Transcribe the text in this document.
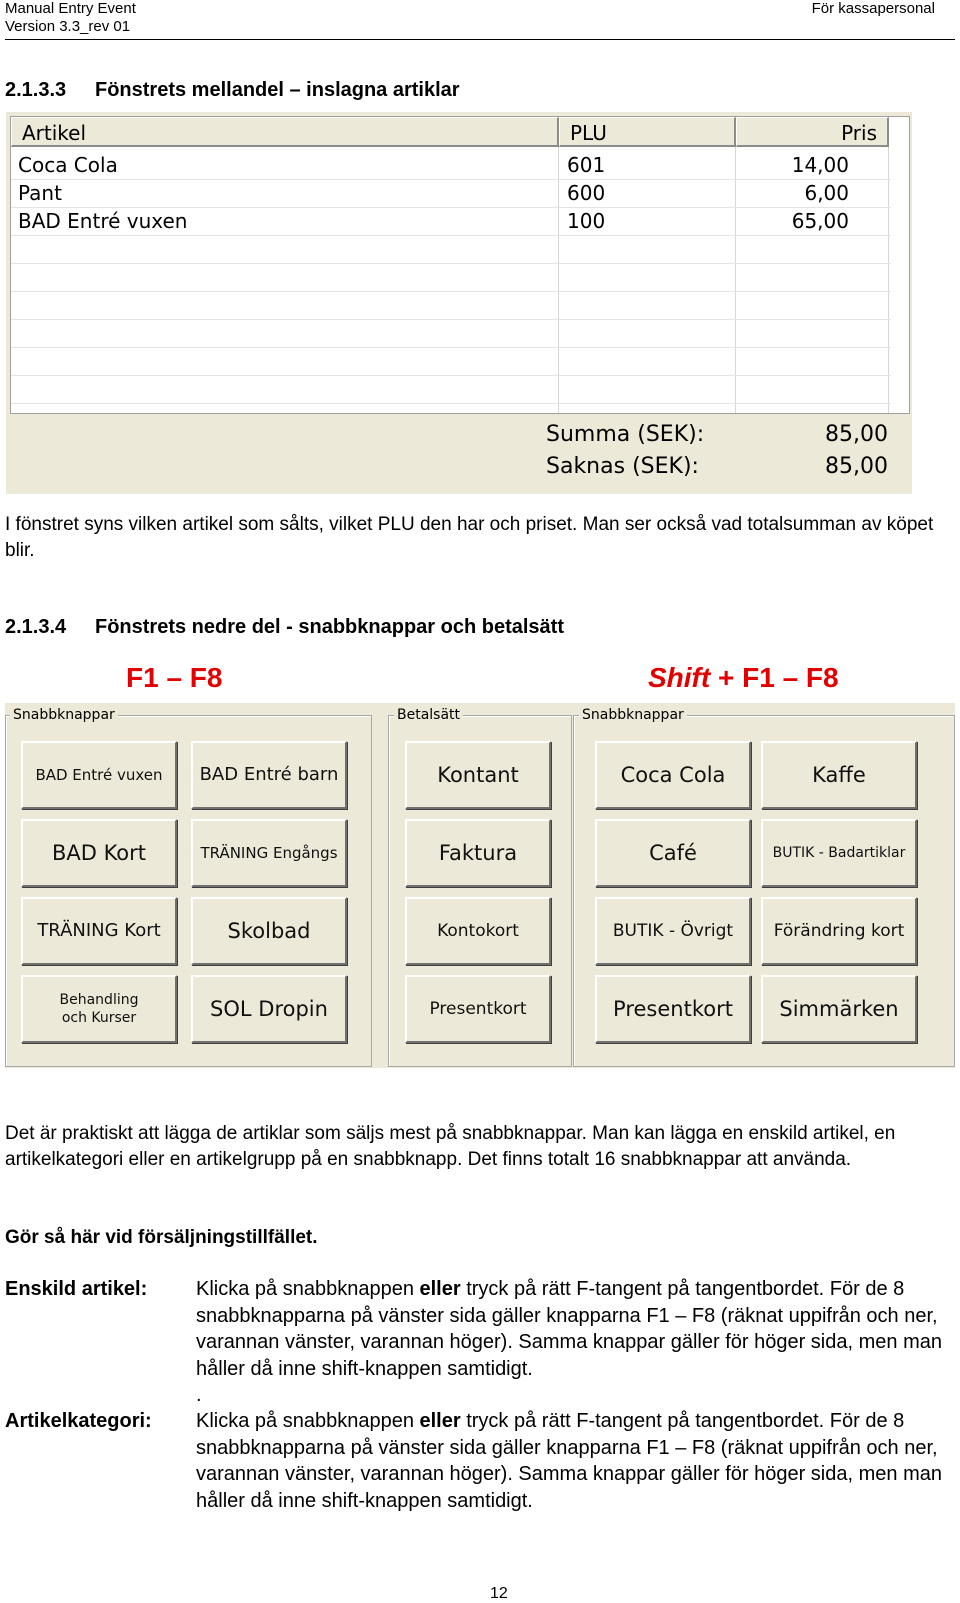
Manual Entry Event
Version 3.3_rev 01
För kassapersonal
2.1.3.3 Fönstrets mellandel – inslagna artiklar
Artikel	PLU	Pris
Coca Cola	601	14,00
Pant	600	6,00
BAD Entré vuxen	100	65,00
Summa (SEK):	85,00
Saknas (SEK):	85,00
I fönstret syns vilken artikel som sålts, vilket PLU den har och priset. Man ser också vad totalsumman av köpet blir.
2.1.3.4 Fönstrets nedre del - snabbknappar och betalsätt
F1 – F8	Shift + F1 – F8
Snabbknappar
BAD Entré vuxen	BAD Entré barn
BAD Kort	TRÄNING Engångs
TRÄNING Kort	Skolbad
Behandling och Kurser	SOL Dropin
Betalsätt
Kontant
Faktura
Kontokort
Presentkort
Snabbknappar
Coca Cola	Kaffe
Café	BUTIK - Badartiklar
BUTIK - Övrigt	Förändring kort
Presentkort	Simmärken
Det är praktiskt att lägga de artiklar som säljs mest på snabbknappar. Man kan lägga en enskild artikel, en artikelkategori eller en artikelgrupp på en snabbknapp. Det finns totalt 16 snabbknappar att använda.
Gör så här vid försäljningstillfället.
Enskild artikel: Klicka på snabbknappen eller tryck på rätt F-tangent på tangentbordet. För de 8 snabbknapparna på vänster sida gäller knapparna F1 – F8 (räknat uppifrån och ner, varannan vänster, varannan höger). Samma knappar gäller för höger sida, men man håller då inne shift-knappen samtidigt.
.
Artikelkategori: Klicka på snabbknappen eller tryck på rätt F-tangent på tangentbordet. För de 8 snabbknapparna på vänster sida gäller knapparna F1 – F8 (räknat uppifrån och ner, varannan vänster, varannan höger). Samma knappar gäller för höger sida, men man håller då inne shift-knappen samtidigt.
12
